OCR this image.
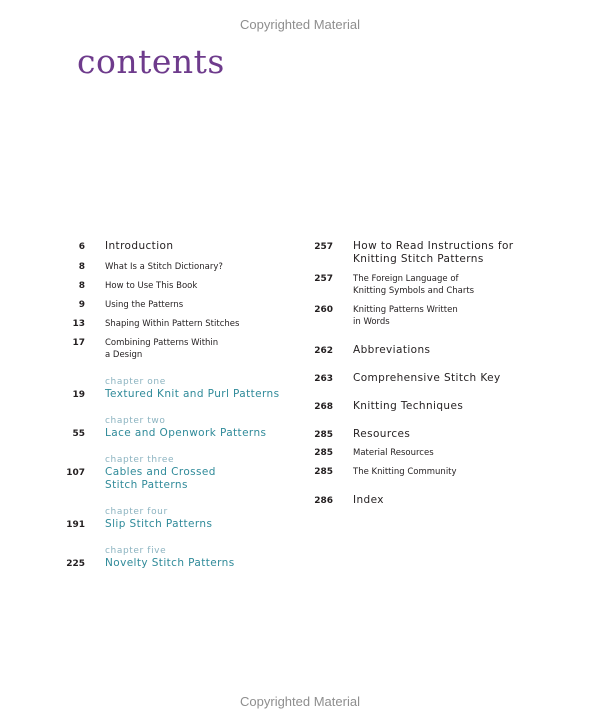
Copyrighted Material
contents
6 Introduction
8 What Is a Stitch Dictionary?
8 How to Use This Book
9 Using the Patterns
13 Shaping Within Pattern Stitches
17 Combining Patterns Within
a Design
19
chapter one
Textured Knit and Purl Patterns
55
chapter two
Lace and Openwork Patterns
107
chapter three
Cables and Crossed
Stitch Patterns
191
chapter four
Slip Stitch Patterns
225
chapter five
Novelty Stitch Patterns
257 How to Read Instructions for
Knitting Stitch Patterns
257 The Foreign Language of
Knitting Symbols and Charts
260 Knitting Patterns Written
in Words
262 Abbreviations
263 Comprehensive Stitch Key
268 Knitting Techniques
285 Resources
285 Material Resources
285 The Knitting Community
286 Index
Copyrighted Material
